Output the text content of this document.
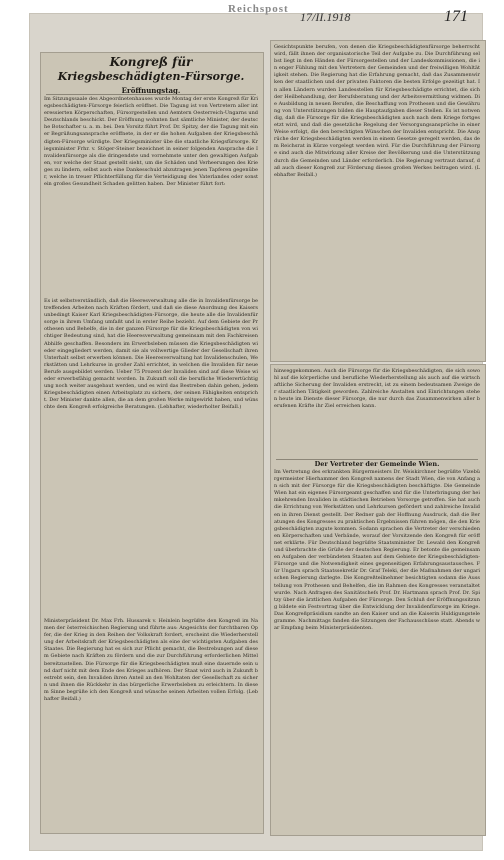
Reichspost
17/II.1918	171
Kongreß für
Kriegsbeschädigten-Fürsorge.
Eröffnungstag.
Im Sitzungssaale des Abgeordnetenhauses wurde Montag der erste Kongreß für Kriegsbeschädigten-Fürsorge feierlich eröffnet. Die Tagung ist von Vertretern aller interessierten Körperschaften, Fürsorgestellen und Aemtern Oesterreich-Ungarns und Deutschlands beschickt. Der Eröffnung wohnten fast sämtliche Minister, der deutsche Botschafter u. a. m. bei. Den Vorsitz führt Prof. Dr. Spitzy, der die Tagung mit einer Begrüßungsansprache eröffnete, in der er die hohen Aufgaben der Kriegsbeschädigten-Fürsorge würdigte. Der Kriegsminister übe die staatliche Kriegsfürsorge. Kriegsminister Frhr. v. Stöger-Steiner bezeichnet in seiner folgenden Ansprache die Invalidenfürsorge als die dringendste und vornehmste unter den gewaltigen Aufgaben, vor welche der Staat gestellt sieht, um die Schäden und Verheerungen des Krieges zu lindern, selbst auch eine Dankesschuld abzutragen jenen Tapferen gegenüber, welche in treuer Pflichterfüllung für die Verteidigung des Vaterlandes oder sonst ein großes Gesundheit Schaden gelitten haben. Der Minister führt fort:
Es ist selbstverständlich, daß die Heeresverwaltung alle die in Invalidenfürsorge betreffenden Arbeiten nach Kräften fördert, und daß sie diese Anordnung des Kaisers unbedingt Kaiser Karl Kriegsbeschädigten-Fürsorge, die heute alle die Invalidenfürsorge in ihrem Umfang umfaßt und in erster Reihe bezieht. Auf dem Gebiete der Prothesen und Behelfe, die in der ganzen Fürsorge für die Kriegsbeschädigten von wichtiger Bedeutung sind, hat die Heeresverwaltung gemeinsam mit den Fachkreisen Abhilfe geschaffen. Besonders im Erwerbsleben müssen die Kriegsbeschädigten wieder eingegliedert werden, damit sie als vollwertige Glieder der Gesellschaft ihren Unterhalt selbst erwerben können. Die Heeresverwaltung hat Invalidenschulen, Werkstätten und Lehrkurse in großer Zahl errichtet, in welchen die Invaliden für neue Berufe ausgebildet werden. Ueber 75 Prozent der Invaliden sind auf diese Weise wieder erwerbsfähig gemacht worden. In Zukunft soll die berufliche Wiederertüchtigung noch weiter ausgebaut werden, und es wird das Bestreben dahin gehen, jedem Kriegsbeschädigten einen Arbeitsplatz zu sichern, der seinen Fähigkeiten entspricht. Der Minister dankte allen, die an dem großen Werke mitgewirkt haben, und wünschte dem Kongreß erfolgreiche Beratungen. (Lebhafter, wiederholter Beifall.)
Ministerpräsident Dr. Max Frh. Hussarek v. Heinlein begrüßte den Kongreß im Namen der österreichischen Regierung und führte aus: Angesichts der furchtbaren Opfer, die der Krieg in den Reihen der Volkskraft fordert, erscheint die Wiederherstellung der Arbeitskraft der Kriegsbeschädigten als eine der wichtigsten Aufgaben des Staates. Die Regierung hat es sich zur Pflicht gemacht, die Bestrebungen auf diesem Gebiete nach Kräften zu fördern und die zur Durchführung erforderlichen Mittel bereitzustellen. Die Fürsorge für die Kriegsbeschädigten muß eine dauernde sein und darf nicht mit dem Ende des Krieges aufhören. Der Staat wird auch in Zukunft bestrebt sein, den Invaliden ihren Anteil an den Wohltaten der Gesellschaft zu sichern und ihnen die Rückkehr in das bürgerliche Erwerbsleben zu erleichtern. In diesem Sinne begrüße ich den Kongreß und wünsche seinen Arbeiten vollen Erfolg. (Lebhafter Beifall.)
Gesichtspunkte berufen, von denen die Kriegsbeschädigtenfürsorge beherrscht wird, fällt ihnen der organisatorische Teil der Aufgabe zu. Die Durchführung selbst liegt in den Händen der Fürsorgestellen und der Landeskommissionen, die in enger Fühlung mit den Vertretern der Gemeinden und der freiwilligen Wohltätigkeit stehen. Die Regierung hat die Erfahrung gemacht, daß das Zusammenwirken der staatlichen und der privaten Faktoren die besten Erfolge gezeitigt hat. In allen Ländern wurden Landesstellen für Kriegsbeschädigte errichtet, die sich der Heilbehandlung, der Berufsberatung und der Arbeitsvermittlung widmen. Die Ausbildung in neuen Berufen, die Beschaffung von Prothesen und die Gewährung von Unterstützungen bilden die Hauptaufgaben dieser Stellen. Es ist notwendig, daß die Fürsorge für die Kriegsbeschädigten auch nach dem Kriege fortgesetzt wird, und daß die gesetzliche Regelung der Versorgungsansprüche in einer Weise erfolgt, die den berechtigten Wünschen der Invaliden entspricht. Die Ansprüche der Kriegsbeschädigten werden in einem Gesetze geregelt werden, das dem Reichsrat in Kürze vorgelegt werden wird. Für die Durchführung der Fürsorge sind auch die Mitwirkung aller Kreise der Bevölkerung und die Unterstützung durch die Gemeinden und Länder erforderlich. Die Regierung vertraut darauf, daß auch dieser Kongreß zur Förderung dieses großen Werkes beitragen wird. (Lebhafter Beifall.)
hinweggekommen. Auch die Fürsorge für die Kriegsbeschädigten, die sich sowohl auf die körperliche und berufliche Wiederherstellung als auch auf die wirtschaftliche Sicherung der Invaliden erstreckt, ist zu einem bedeutsamen Zweige der staatlichen Tätigkeit geworden. Zahlreiche Anstalten und Einrichtungen stehen heute im Dienste dieser Fürsorge, die nur durch das Zusammenwirken aller berufenen Kräfte ihr Ziel erreichen kann.
Der Vertreter der Gemeinde Wien.
Im Vertretung des erkrankten Bürgermeisters Dr. Weiskirchner begrüßte Vizebürgermeister Hierhammer den Kongreß namens der Stadt Wien, die von Anfang an sich mit der Fürsorge für die Kriegsbeschädigten beschäftigte. Die Gemeinde Wien hat ein eigenes Fürsorgeamt geschaffen und für die Unterbringung der heimkehrenden Invaliden in städtischen Betrieben Vorsorge getroffen. Sie hat auch die Errichtung von Werkstätten und Lehrkursen gefördert und zahlreiche Invaliden in ihren Dienst gestellt. Der Redner gab der Hoffnung Ausdruck, daß die Beratungen des Kongresses zu praktischen Ergebnissen führen mögen, die den Kriegsbeschädigten zugute kommen. Sodann sprachen die Vertreter der verschiedenen Körperschaften und Verbände, worauf der Vorsitzende den Kongreß für eröffnet erklärte. Für Deutschland begrüßte Staatsminister Dr. Lewald den Kongreß und überbrachte die Grüße der deutschen Regierung. Er betonte die gemeinsamen Aufgaben der verbündeten Staaten auf dem Gebiete der Kriegsbeschädigten-Fürsorge und die Notwendigkeit eines gegenseitigen Erfahrungsaustausches. Für Ungarn sprach Staatssekretär Dr. Graf Teleki, der die Maßnahmen der ungarischen Regierung darlegte. Die Kongreßteilnehmer besichtigten sodann die Ausstellung von Prothesen und Behelfen, die im Rahmen des Kongresses veranstaltet wurde. Nach Anfragen des Sanitätschefs Prof. Dr. Hartmann sprach Prof. Dr. Spitzy über die ärztlichen Aufgaben der Fürsorge. Den Schluß der Eröffnungssitzung bildete ein Festvortrag über die Entwicklung der Invalidenfürsorge im Kriege. Das Kongreßpräsidium sandte an den Kaiser und an die Kaiserin Huldigungstelegramme. Nachmittags fanden die Sitzungen der Fachausschüsse statt. Abends war Empfang beim Ministerpräsidenten.
